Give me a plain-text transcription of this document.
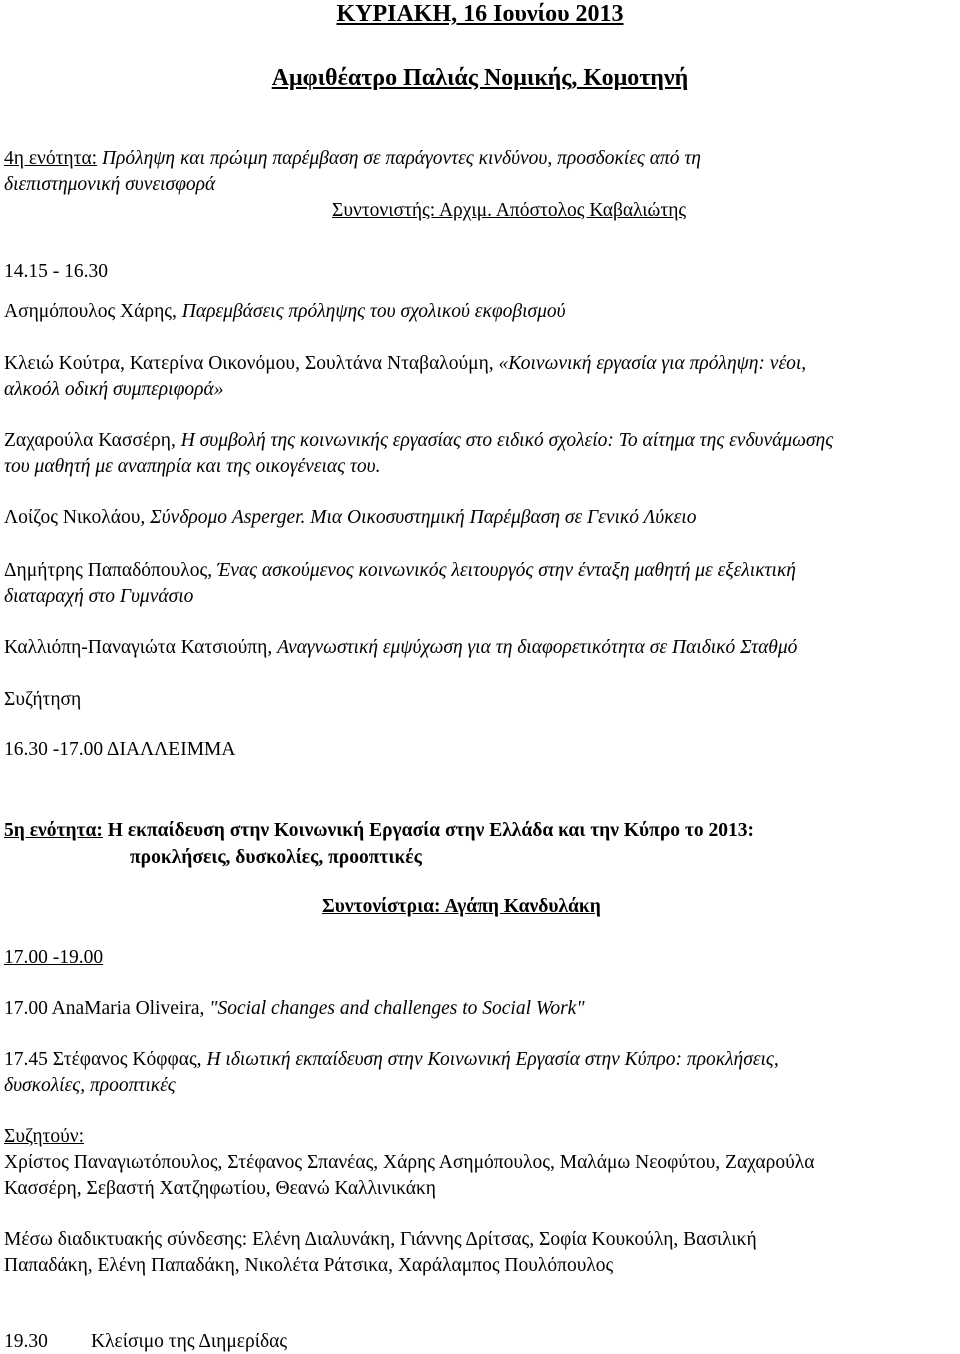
ΚΥΡΙΑΚΗ, 16 Ιουνίου 2013
Αμφιθέατρο Παλιάς Νομικής, Κομοτηνή
4η ενότητα: Πρόληψη και πρώιμη παρέμβαση σε παράγοντες κινδύνου, προσδοκίες από τη
διεπιστημονική συνεισφορά
Συντονιστής: Αρχιμ. Απόστολος Καβαλιώτης
14.15 - 16.30
Ασημόπουλος Χάρης, Παρεμβάσεις πρόληψης του σχολικού εκφοβισμού
Κλειώ Κούτρα, Κατερίνα Οικονόμου, Σουλτάνα Νταβαλούμη, «Κοινωνική εργασία για πρόληψη: νέοι,
αλκοόλ οδική συμπεριφορά»
Ζαχαρούλα Κασσέρη, Η συμβολή της κοινωνικής εργασίας στο ειδικό σχολείο: Το αίτημα της ενδυνάμωσης
του μαθητή με αναπηρία και της οικογένειας του.
Λοίζος Νικολάου, Σύνδρομο Asperger. Μια Οικοσυστημική Παρέμβαση σε Γενικό Λύκειο
Δημήτρης Παπαδόπουλος, Ένας ασκούμενος κοινωνικός λειτουργός στην ένταξη μαθητή με εξελικτική
διαταραχή στο Γυμνάσιο
Καλλιόπη-Παναγιώτα Κατσιούπη, Αναγνωστική εμψύχωση για τη διαφορετικότητα σε Παιδικό Σταθμό
Συζήτηση
16.30 -17.00 ΔΙΑΛΛΕΙΜΜΑ
5η ενότητα: Η εκπαίδευση στην Κοινωνική Εργασία στην Ελλάδα και την Κύπρο το 2013:
προκλήσεις, δυσκολίες, προοπτικές
Συντονίστρια: Αγάπη Κανδυλάκη
17.00 -19.00
17.00 AnaMaria Oliveira, "Social changes and challenges to Social Work"
17.45 Στέφανος Κόφφας, Η ιδιωτική εκπαίδευση στην Κοινωνική Εργασία στην Κύπρο: προκλήσεις,
δυσκολίες, προοπτικές
Συζητούν:
Χρίστος Παναγιωτόπουλος, Στέφανος Σπανέας, Χάρης Ασημόπουλος, Μαλάμω Νεοφύτου, Ζαχαρούλα
Κασσέρη, Σεβαστή Χατζηφωτίου, Θεανώ Καλλινικάκη
Μέσω διαδικτυακής σύνδεσης: Ελένη Διαλυνάκη, Γιάννης Δρίτσας, Σοφία Κουκούλη, Βασιλική
Παπαδάκη, Ελένη Παπαδάκη, Νικολέτα Ράτσικα, Χαράλαμπος Πουλόπουλος
19.30 Κλείσιμο της Διημερίδας
